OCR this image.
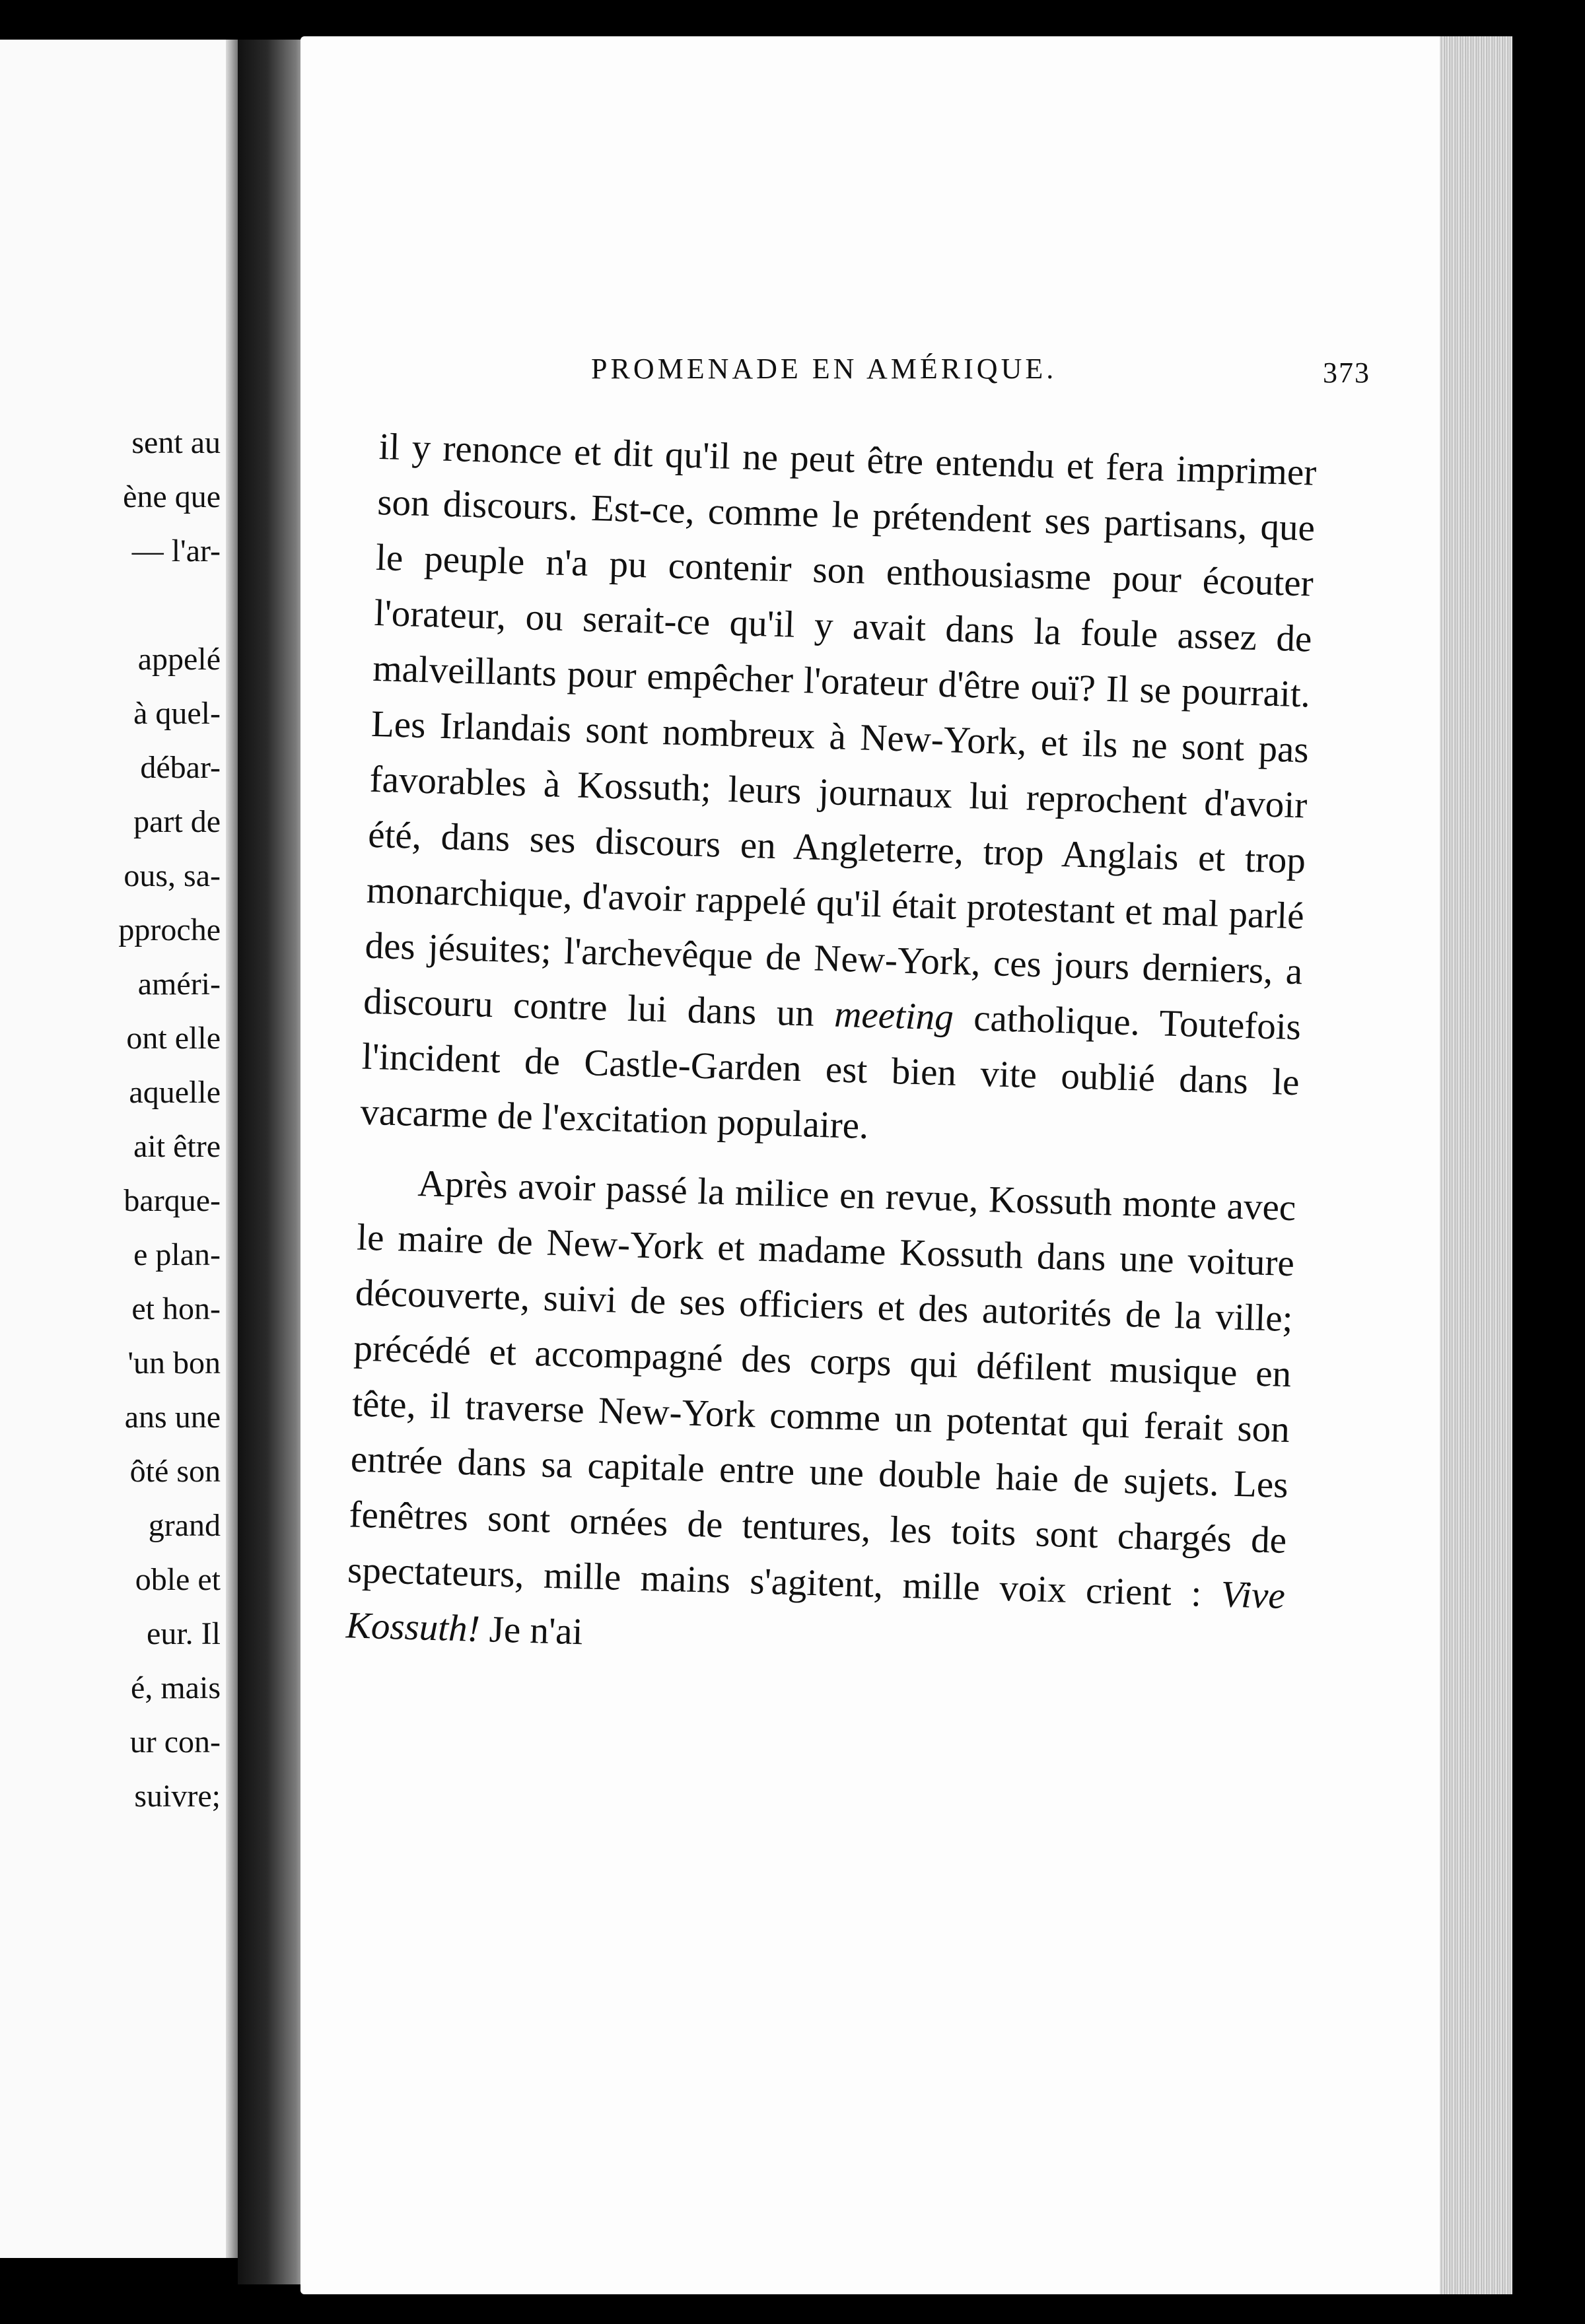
sent au
ène que
— l'ar-
appelé
à quel-
débar-
part de
ous, sa-
pproche
améri-
ont elle
aquelle
ait être
barque-
e plan-
et hon-
'un bon
ans une
ôté son
grand
oble et
eur. Il
é, mais
ur con-
suivre;
PROMENADE EN AMÉRIQUE.	373

il y renonce et dit qu'il ne peut être entendu et fera imprimer son discours. Est-ce, comme le prétendent ses partisans, que le peuple n'a pu contenir son enthousiasme pour écouter l'orateur, ou serait-ce qu'il y avait dans la foule assez de malveillants pour empêcher l'orateur d'être ouï? Il se pourrait. Les Irlandais sont nombreux à New-York, et ils ne sont pas favorables à Kossuth; leurs journaux lui reprochent d'avoir été, dans ses discours en Angleterre, trop Anglais et trop monarchique, d'avoir rappelé qu'il était protestant et mal parlé des jésuites; l'archevêque de New-York, ces jours derniers, a discouru contre lui dans un meeting catholique. Toutefois l'incident de Castle-Garden est bien vite oublié dans le vacarme de l'excitation populaire.

Après avoir passé la milice en revue, Kossuth monte avec le maire de New-York et madame Kossuth dans une voiture découverte, suivi de ses officiers et des autorités de la ville; précédé et accompagné des corps qui défilent musique en tête, il traverse New-York comme un potentat qui ferait son entrée dans sa capitale entre une double haie de sujets. Les fenêtres sont ornées de tentures, les toits sont chargés de spectateurs, mille mains s'agitent, mille voix crient : Vive Kossuth! Je n'ai
